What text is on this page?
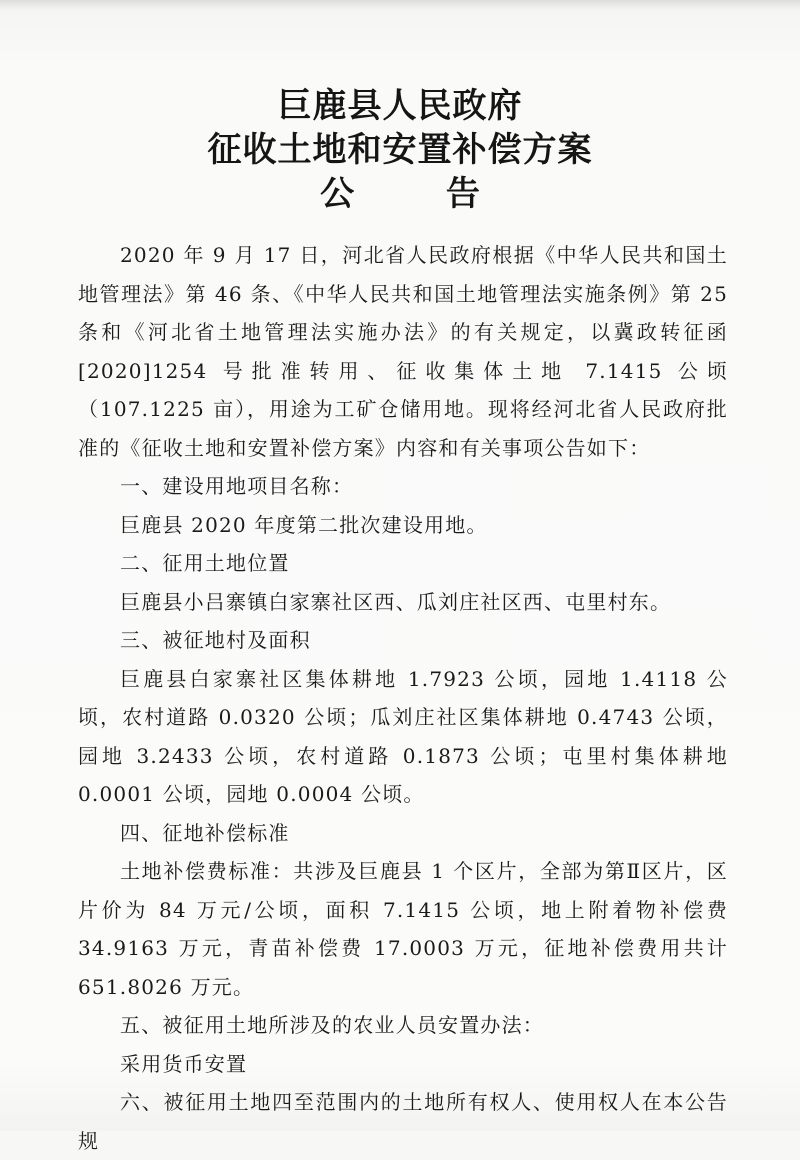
巨鹿县人民政府
征收土地和安置补偿方案
公 告

2020 年 9 月 17 日，河北省人民政府根据《中华人民共和国土地管理法》第 46 条、《中华人民共和国土地管理法实施条例》第 25 条和《河北省土地管理法实施办法》的有关规定，以冀政转征函[2020]1254 号批准转用、征收集体土地 7.1415 公顷（107.1225 亩），用途为工矿仓储用地。现将经河北省人民政府批准的《征收土地和安置补偿方案》内容和有关事项公告如下：

一、建设用地项目名称：

巨鹿县 2020 年度第二批次建设用地。

二、征用土地位置

巨鹿县小吕寨镇白家寨社区西、瓜刘庄社区西、屯里村东。

三、被征地村及面积

巨鹿县白家寨社区集体耕地 1.7923 公顷，园地 1.4118 公顷，农村道路 0.0320 公顷；瓜刘庄社区集体耕地 0.4743 公顷，园地 3.2433 公顷，农村道路 0.1873 公顷；屯里村集体耕地 0.0001 公顷，园地 0.0004 公顷。

四、征地补偿标准

土地补偿费标准：共涉及巨鹿县 1 个区片，全部为第Ⅱ区片，区片价为 84 万元/公顷，面积 7.1415 公顷，地上附着物补偿费 34.9163 万元，青苗补偿费 17.0003 万元，征地补偿费用共计 651.8026 万元。

五、被征用土地所涉及的农业人员安置办法：

采用货币安置

六、被征用土地四至范围内的土地所有权人、使用权人在本公告规
